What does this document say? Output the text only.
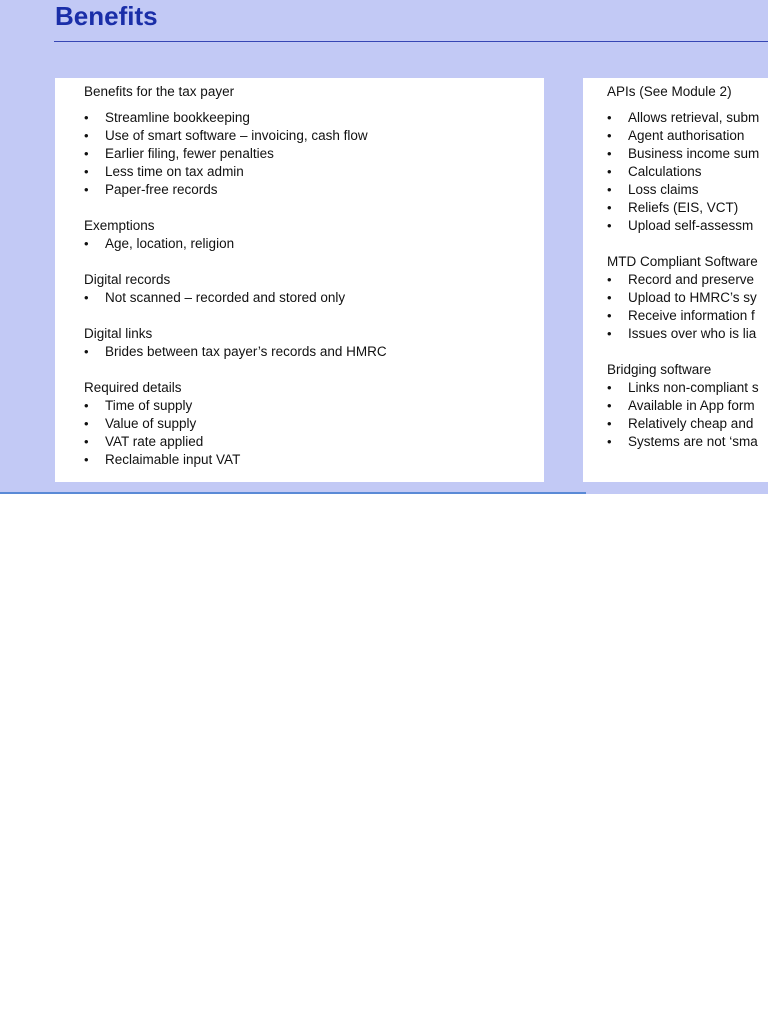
Benefits
Benefits for the tax payer
• Streamline bookkeeping
• Use of smart software – invoicing, cash flow
• Earlier filing, fewer penalties
• Less time on tax admin
• Paper-free records
Exemptions
• Age, location, religion
Digital records
• Not scanned – recorded and stored only
Digital links
• Brides between tax payer’s records and HMRC
Required details
• Time of supply
• Value of supply
• VAT rate applied
• Reclaimable input VAT
APIs (See Module 2)
• Allows retrieval, subm
• Agent authorisation
• Business income sum
• Calculations
• Loss claims
• Reliefs (EIS, VCT)
• Upload self-assessm
MTD Compliant Software
• Record and preserve
• Upload to HMRC’s sy
• Receive information f
• Issues over who is lia
Bridging software
• Links non-compliant s
• Available in App form
• Relatively cheap and
• Systems are not ‘sma
